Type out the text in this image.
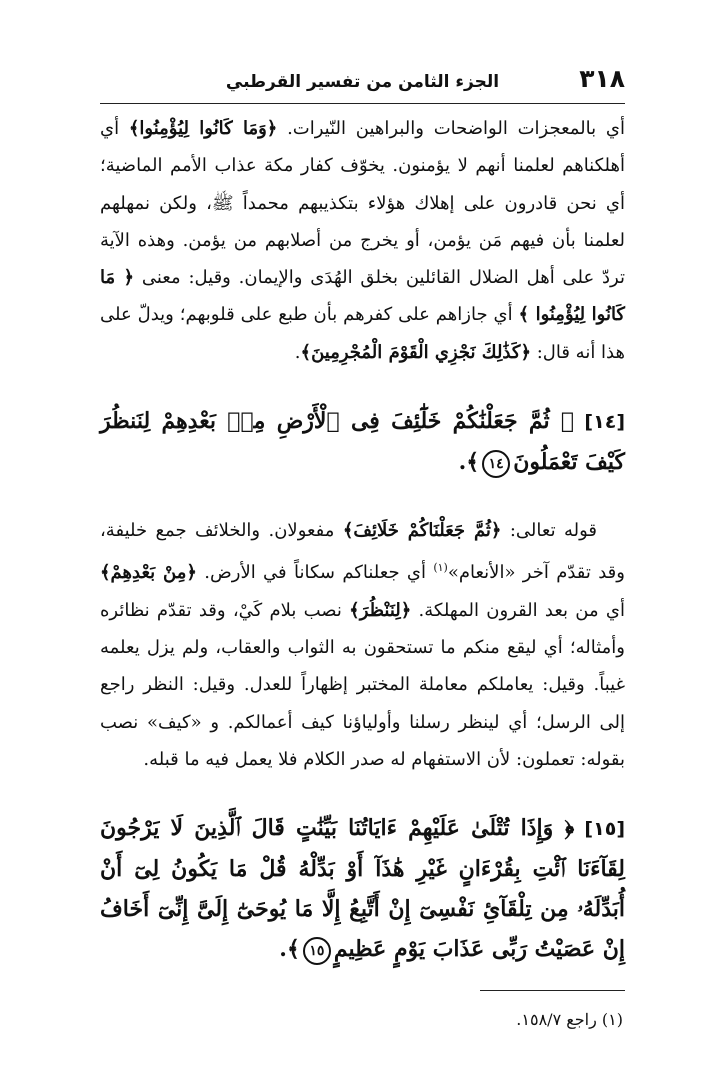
٣١٨
الجزء الثامن من تفسير القرطبي

أي بالمعجزات الواضحات والبراهين النّيرات. ﴿وَمَا كَانُوا لِيُؤْمِنُوا﴾ أي أهلكناهم لعلمنا أنهم لا يؤمنون. يخوّف كفار مكة عذاب الأمم الماضية؛ أي نحن قادرون على إهلاك هؤلاء بتكذيبهم محمداً ﷺ، ولكن نمهلهم لعلمنا بأن فيهم مَن يؤمن، أو يخرج من أصلابهم من يؤمن. وهذه الآية تردّ على أهل الضلال القائلين بخلق الهُدَى والإيمان. وقيل: معنى ﴿ مَا كَانُوا لِيُؤْمِنُوا ﴾ أي جازاهم على كفرهم بأن طبع على قلوبهم؛ ويدلّ على هذا أنه قال: ﴿كَذَٰلِكَ نَجْزِي الْقَوْمَ الْمُجْرِمِينَ﴾.

[١٤] ﴿ ثُمَّ جَعَلْنَٰكُمْ خَلَٰٓئِفَ فِى ٱلْأَرْضِ مِنۢ بَعْدِهِمْ لِنَنظُرَ كَيْفَ تَعْمَلُونَ١٤﴾.

قوله تعالى: ﴿ثُمَّ جَعَلْنَاكُمْ خَلَائِفَ﴾ مفعولان. والخلائف جمع خليفة، وقد تقدّم آخر «الأنعام»$^{(١)}$ أي جعلناكم سكاناً في الأرض. ﴿مِنْ بَعْدِهِمْ﴾ أي من بعد القرون المهلكة. ﴿لِنَنْظُرَ﴾ نصب بلام كَيْ، وقد تقدّم نظائره وأمثاله؛ أي ليقع منكم ما تستحقون به الثواب والعقاب، ولم يزل يعلمه غيباً. وقيل: يعاملكم معاملة المختبر إظهاراً للعدل. وقيل: النظر راجع إلى الرسل؛ أي لينظر رسلنا وأولياؤنا كيف أعمالكم. و «كيف» نصب بقوله: تعملون: لأن الاستفهام له صدر الكلام فلا يعمل فيه ما قبله.

[١٥] ﴿ وَإِذَا تُتْلَىٰ عَلَيْهِمْ ءَايَاتُنَا بَيِّنَٰتٍ قَالَ ٱلَّذِينَ لَا يَرْجُونَ لِقَآءَنَا ٱئْتِ بِقُرْءَانٍ غَيْرِ هَٰذَآ أَوْ بَدِّلْهُ قُلْ مَا يَكُونُ لِىٓ أَنْ أُبَدِّلَهُۥ مِن تِلْقَآئِ نَفْسِىٓ إِنْ أَتَّبِعُ إِلَّا مَا يُوحَىٰٓ إِلَىَّ إِنِّىٓ أَخَافُ إِنْ عَصَيْتُ رَبِّى عَذَابَ يَوْمٍ عَظِيمٍ١٥﴾.

(١) راجع ١٥٨/٧.
